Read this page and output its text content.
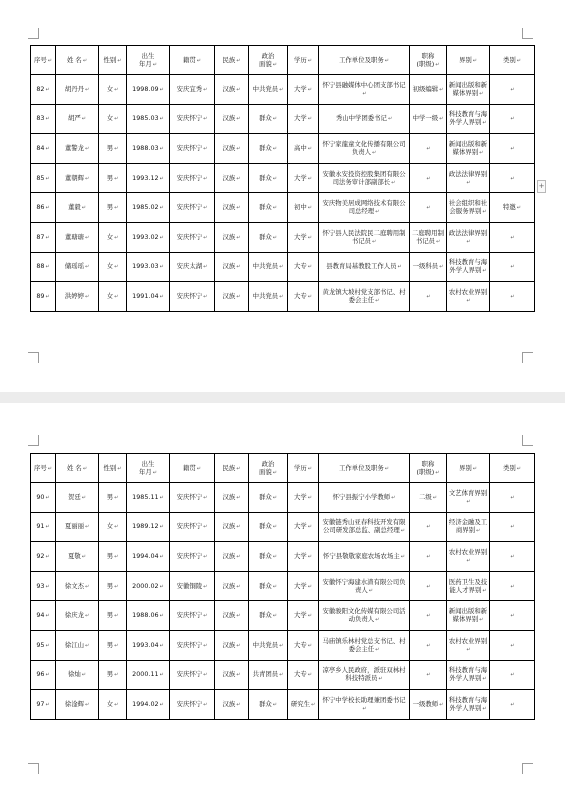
序号 ↵	姓 名 ↵	性别 ↵	出生
年月 ↵	籍贯 ↵	民族 ↵	政治
面貌 ↵	学历 ↵	工作单位及职务 ↵	职称
(职级) ↵	界别 ↵	类别 ↵
82 ↵	胡丹丹 ↵	女 ↵	1998.09 ↵	安庆宜秀 ↵	汉族 ↵	中共党员 ↵	大学 ↵	怀宁县融媒体中心团支部书记 ↵	初级编辑 ↵	新闻出版和新媒体界别 ↵	↵
83 ↵	胡严 ↵	女 ↵	1985.03 ↵	安庆怀宁 ↵	汉族 ↵	群众 ↵	大学 ↵	秀山中学团委书记 ↵	中学一级 ↵	科技教育与海外学人界别 ↵	↵
84 ↵	董警龙 ↵	男 ↵	1988.03 ↵	安庆怀宁 ↵	汉族 ↵	群众 ↵	高中 ↵	怀宁家龍童文化传播有限公司负责人 ↵	↵	新闻出版和新媒体界别 ↵	↵
85 ↵	董朝辉 ↵	男 ↵	1993.12 ↵	安庆怀宁 ↵	汉族 ↵	群众 ↵	大学 ↵	安徽永安投资控股集团有限公司法务审计部副部长 ↵	↵	政法法律界别 ↵	↵
86 ↵	董毅 ↵	男 ↵	1985.02 ↵	安庆怀宁 ↵	汉族 ↵	群众 ↵	初中 ↵	安庆物美居成网络技术有限公司总经理 ↵	↵	社会组织和社会服务界别 ↵	特邀 ↵
87 ↵	董瑭瑭 ↵	女 ↵	1993.02 ↵	安庆怀宁 ↵	汉族 ↵	群众 ↵	大学 ↵	怀宁县人民法院民二庭聘用制书记员 ↵	二庭聘用制书记员 ↵	政法法律界别 ↵	↵
88 ↵	储瑶瑶 ↵	女 ↵	1993.03 ↵	安庆太湖 ↵	汉族 ↵	中共党员 ↵	大专 ↵	县教育局基教股工作人员 ↵	一级科员 ↵	科技教育与海外学人界别 ↵	↵
89 ↵	洪婷婷 ↵	女 ↵	1991.04 ↵	安庆怀宁 ↵	汉族 ↵	中共党员 ↵	大专 ↵	黄龙镇大坡村党支部书记、村委会主任 ↵	↵	农村农业界别 ↵	↵
+
序号 ↵	姓 名 ↵	性别 ↵	出生
年月 ↵	籍贯 ↵	民族 ↵	政治
面貌 ↵	学历 ↵	工作单位及职务 ↵	职称
(职级) ↵	界别 ↵	类别 ↵
90 ↵	贺廷 ↵	男 ↵	1985.11 ↵	安庆怀宁 ↵	汉族 ↵	群众 ↵	大学 ↵	怀宁县振宁小学教师 ↵	二级 ↵	文艺体育界别 ↵	↵
91 ↵	夏丽丽 ↵	女 ↵	1989.12 ↵	安庆怀宁 ↵	汉族 ↵	群众 ↵	大学 ↵	安徽链秀山亚春科技开发有限公司研发部总监、副总经理 ↵	↵	经济金融及工商界别 ↵	↵
92 ↵	夏敬 ↵	男 ↵	1994.04 ↵	安庆怀宁 ↵	汉族 ↵	群众 ↵	大学 ↵	怀宁县敬敬家庭农场农场主 ↵	↵	农村农业界别 ↵	↵
93 ↵	徐文杰 ↵	男 ↵	2000.02 ↵	安徽铜陵 ↵	汉族 ↵	群众 ↵	大学 ↵	安徽怀宁海建水渣有限公司负责人 ↵	↵	医药卫生及技能人才界别 ↵	↵
94 ↵	徐庆龙 ↵	男 ↵	1988.06 ↵	安庆怀宁 ↵	汉族 ↵	群众 ↵	大学 ↵	安徽骏阳文化传媒有限公司活动负责人 ↵	↵	新闻出版和新媒体界别 ↵	↵
95 ↵	徐江山 ↵	男 ↵	1993.04 ↵	安庆怀宁 ↵	汉族 ↵	中共党员 ↵	大专 ↵	马庙镇乐林村党总支书记、村委会主任 ↵	↵	农村农业界别 ↵	↵
96 ↵	徐灿 ↵	男 ↵	2000.11 ↵	安庆怀宁 ↵	汉族 ↵	共青团员 ↵	大专 ↵	凉亭乡人民政府，派驻双林村科技特派员 ↵	↵	科技教育与海外学人界别 ↵	↵
97 ↵	徐淦辉 ↵	女 ↵	1994.02 ↵	安庆怀宁 ↵	汉族 ↵	群众 ↵	研究生 ↵	怀宁中学校长助理兼团委书记 ↵	一级教师 ↵	科技教育与海外学人界别 ↵	↵
